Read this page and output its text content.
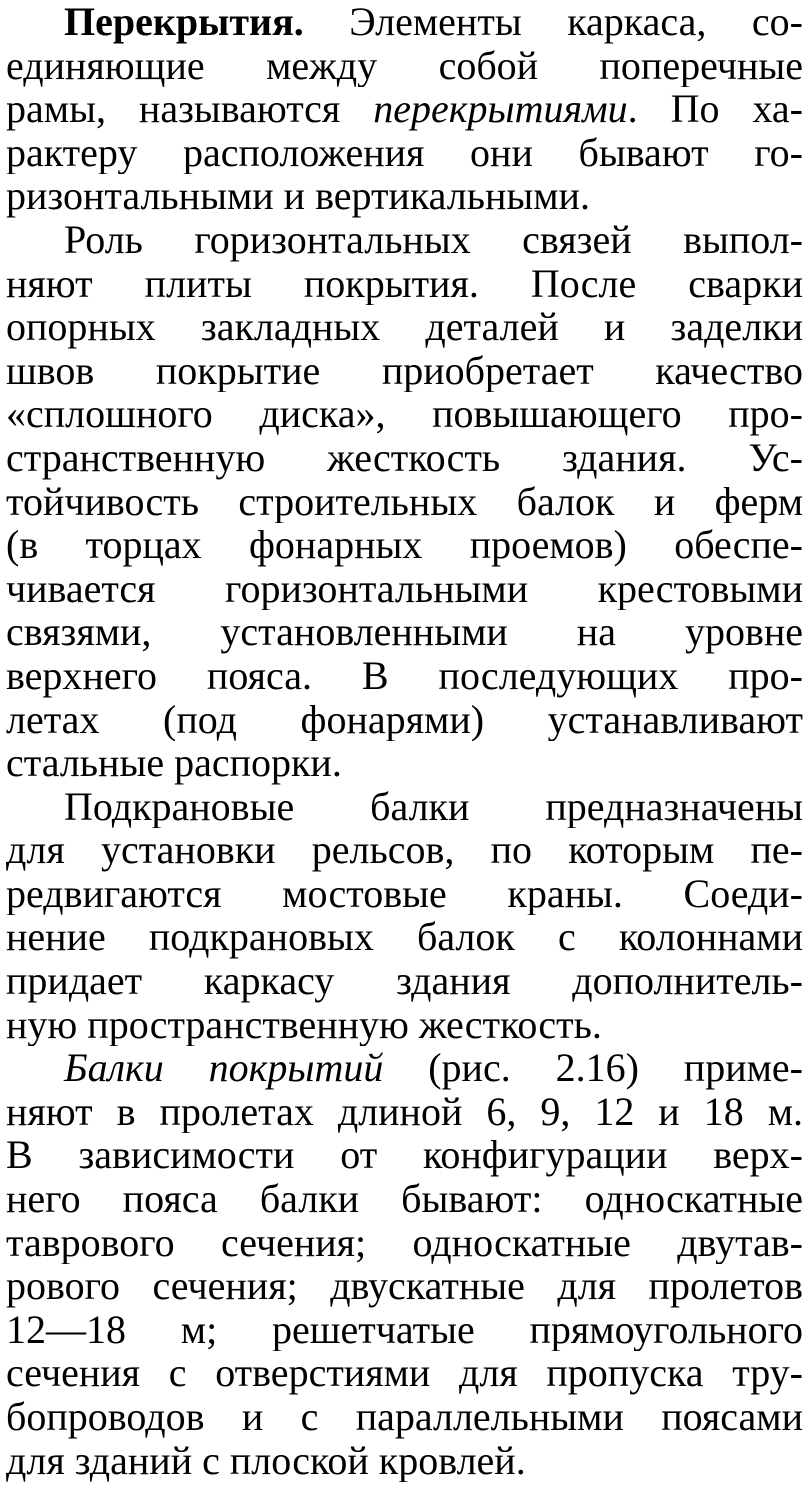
Перекрытия. Элементы каркаса, со-
единяющие между собой поперечные
рамы, называются перекрытиями. По ха-
рактеру расположения они бывают го-
ризонтальными и вертикальными.
Роль горизонтальных связей выпол-
няют плиты покрытия. После сварки
опорных закладных деталей и заделки
швов покрытие приобретает качество
«сплошного диска», повышающего про-
странственную жесткость здания. Ус-
тойчивость строительных балок и ферм
(в торцах фонарных проемов) обеспе-
чивается горизонтальными крестовыми
связями, установленными на уровне
верхнего пояса. В последующих про-
летах (под фонарями) устанавливают
стальные распорки.
Подкрановые балки предназначены
для установки рельсов, по которым пе-
редвигаются мостовые краны. Соеди-
нение подкрановых балок с колоннами
придает каркасу здания дополнитель-
ную пространственную жесткость.
Балки покрытий (рис. 2.16) приме-
няют в пролетах длиной 6, 9, 12 и 18 м.
В зависимости от конфигурации верх-
него пояса балки бывают: односкатные
таврового сечения; односкатные двутав-
рового сечения; двускатные для пролетов
12—18 м; решетчатые прямоугольного
сечения с отверстиями для пропуска тру-
бопроводов и с параллельными поясами
для зданий с плоской кровлей.
